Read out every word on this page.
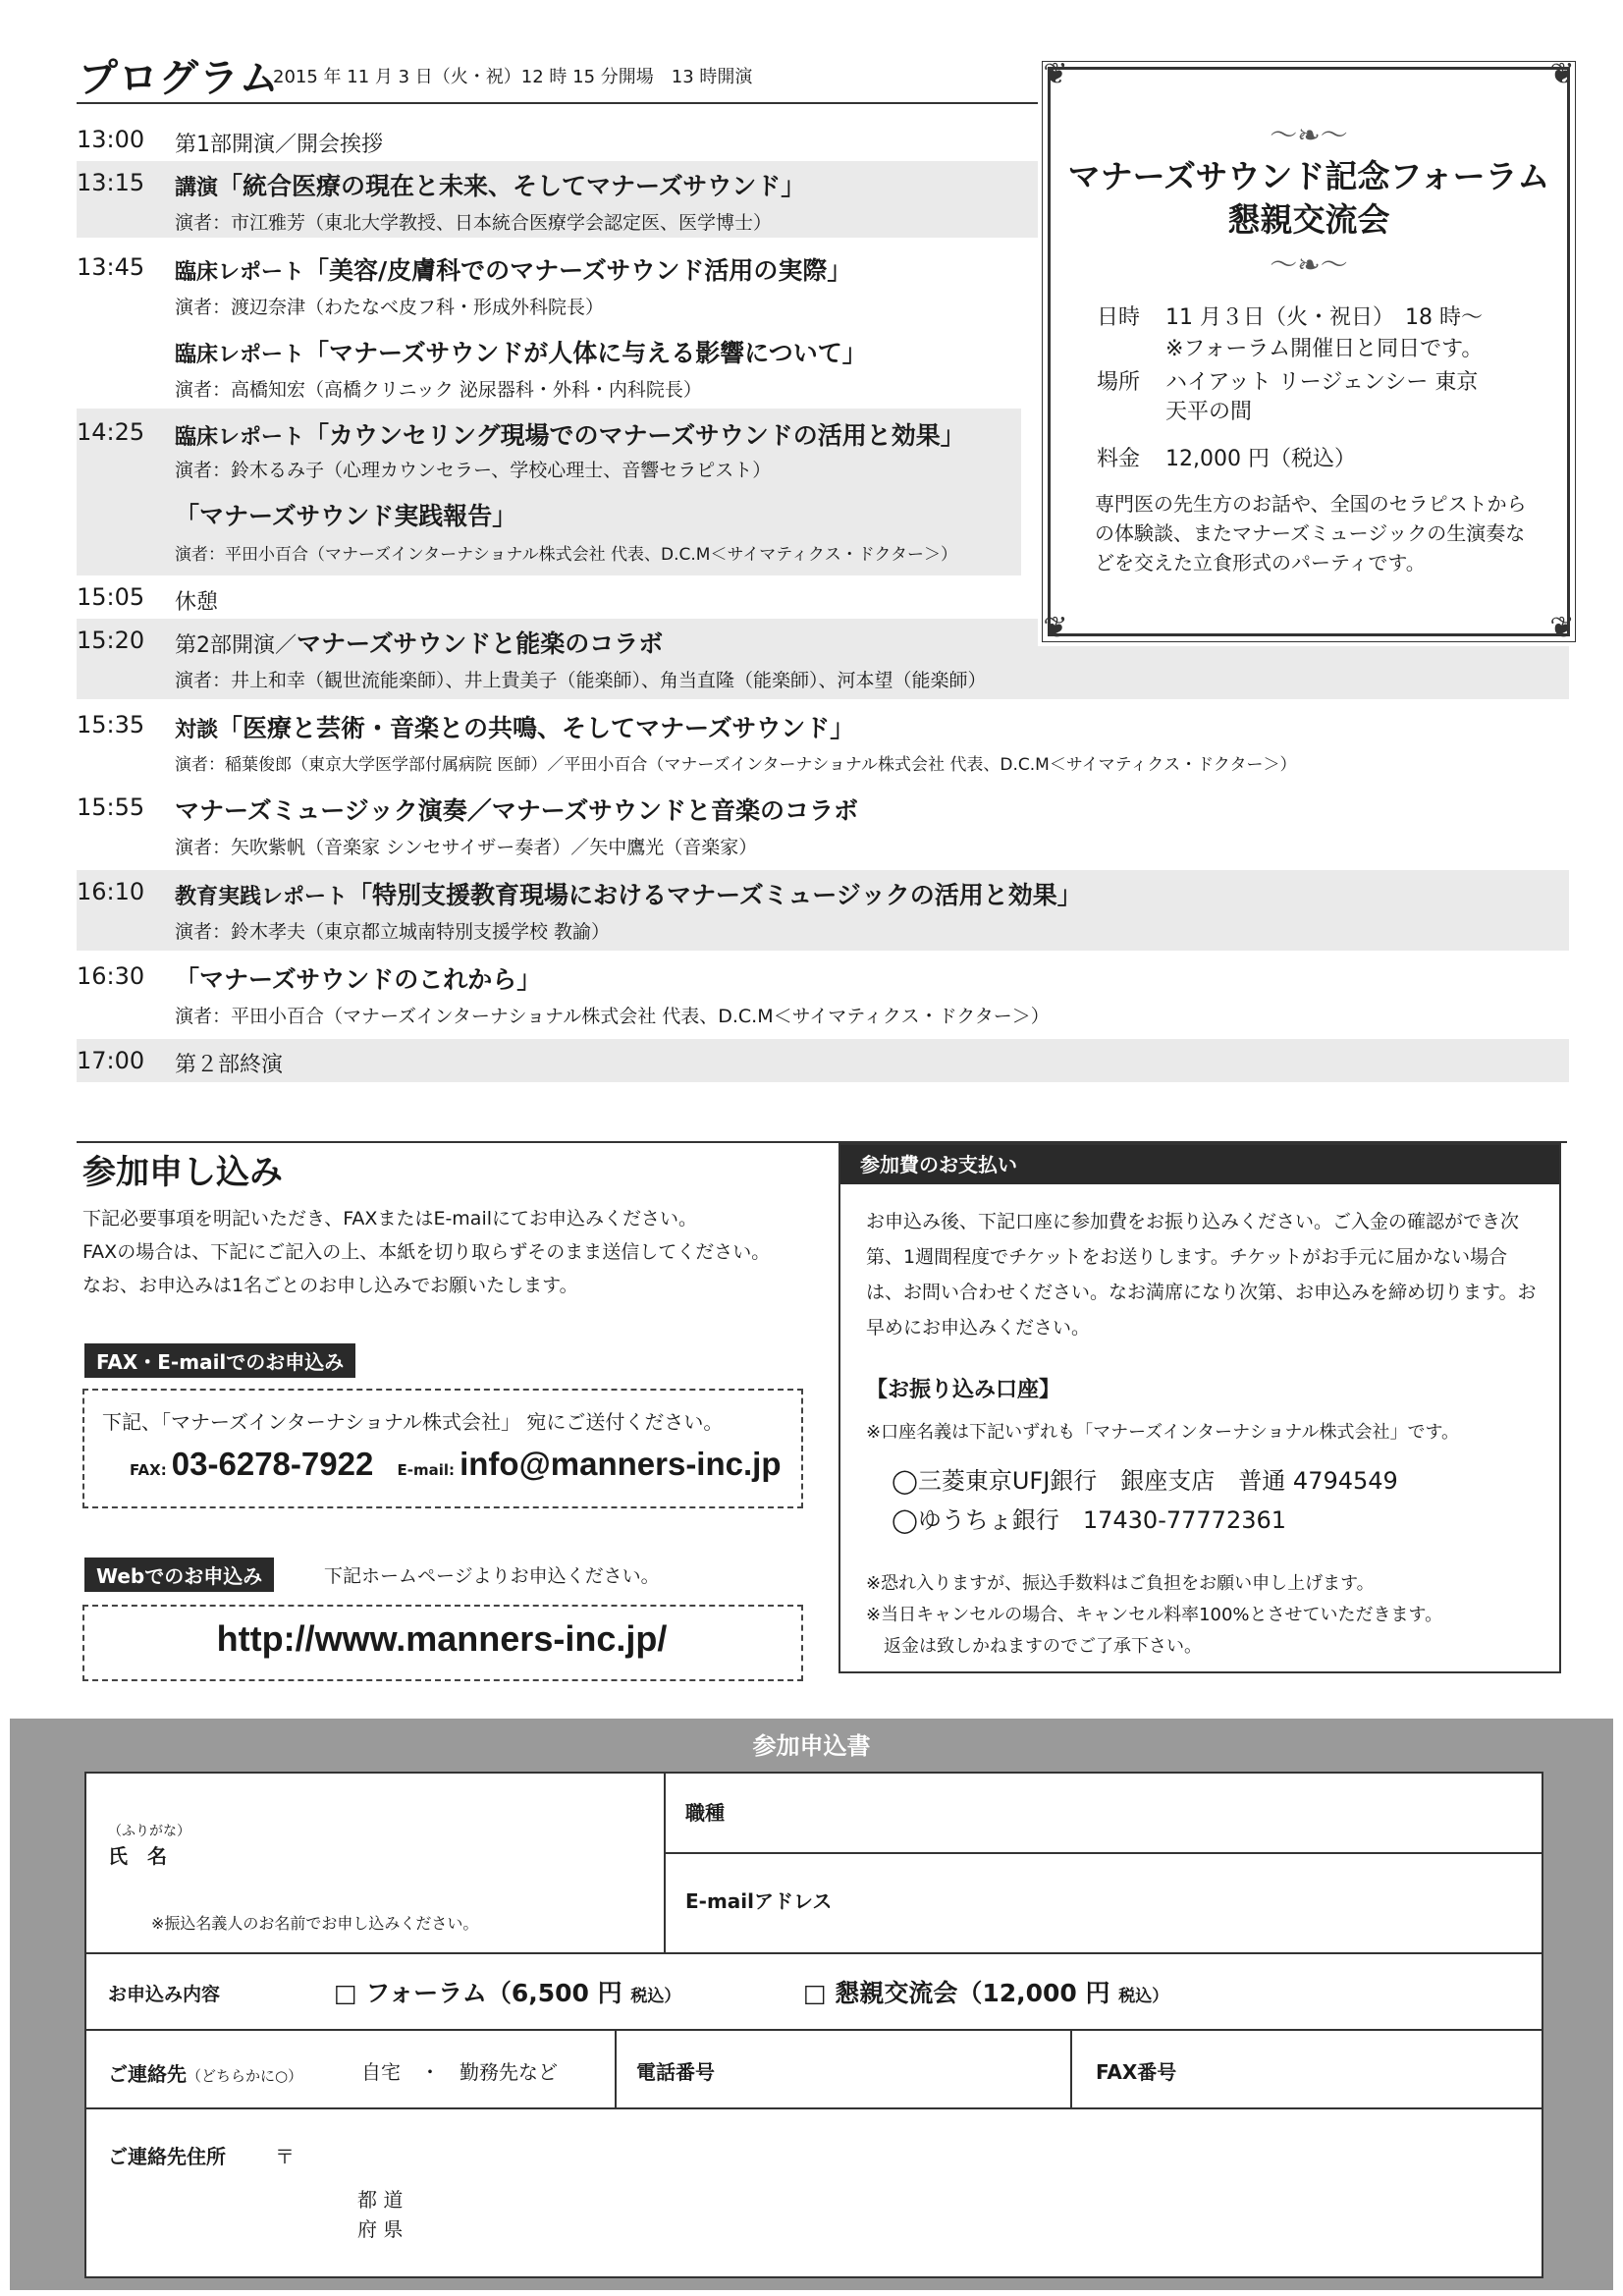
プログラム
2015 年 11 月 3 日（火・祝）12 時 15 分開場　13 時開演
13:00 第1部開演／開会挨拶
13:15 講演「統合医療の現在と未来、そしてマナーズサウンド」
演者：市江雅芳（東北大学教授、日本統合医療学会認定医、医学博士）
13:45 臨床レポート「美容/皮膚科でのマナーズサウンド活用の実際」
演者：渡辺奈津（わたなべ皮フ科・形成外科院長）
臨床レポート「マナーズサウンドが人体に与える影響について」
演者：高橋知宏（高橋クリニック 泌尿器科・外科・内科院長）
14:25 臨床レポート「カウンセリング現場でのマナーズサウンドの活用と効果」
演者：鈴木るみ子（心理カウンセラー、学校心理士、音響セラピスト）
「マナーズサウンド実践報告」
演者：平田小百合（マナーズインターナショナル株式会社 代表、D.C.M＜サイマティクス・ドクター＞）
15:05 休憩
15:20 第2部開演／マナーズサウンドと能楽のコラボ
演者：井上和幸（観世流能楽師）、井上貴美子（能楽師）、角当直隆（能楽師）、河本望（能楽師）
15:35 対談「医療と芸術・音楽との共鳴、そしてマナーズサウンド」
演者：稲葉俊郎（東京大学医学部付属病院 医師）／平田小百合（マナーズインターナショナル株式会社 代表、D.C.M＜サイマティクス・ドクター＞）
15:55 マナーズミュージック演奏／マナーズサウンドと音楽のコラボ
演者：矢吹紫帆（音楽家 シンセサイザー奏者）／矢中鷹光（音楽家）
16:10 教育実践レポート「特別支援教育現場におけるマナーズミュージックの活用と効果」
演者：鈴木孝夫（東京都立城南特別支援学校 教諭）
16:30 「マナーズサウンドのこれから」
演者：平田小百合（マナーズインターナショナル株式会社 代表、D.C.M＜サイマティクス・ドクター＞）
17:00 第２部終演
❦	❦
❦	❦
～❧～
マナーズサウンド記念フォーラム
懇親交流会
～❧～
日時 11 月３日（火・祝日）　18 時～
※フォーラム開催日と同日です。
場所 ハイアット リージェンシー 東京
天平の間
料金 12,000 円（税込）
専門医の先生方のお話や、全国のセラピストからの体験談、またマナーズミュージックの生演奏などを交えた立食形式のパーティです。
参加申し込み
下記必要事項を明記いただき、FAXまたはE-mailにてお申込みください。
FAXの場合は、下記にご記入の上、本紙を切り取らずそのまま送信してください。
なお、お申込みは1名ごとのお申し込みでお願いたします。
FAX・E-mailでのお申込み
下記、「マナーズインターナショナル株式会社」 宛にご送付ください。
FAX: 03-6278-7922 E-mail: info@manners-inc.jp
Webでのお申込み	下記ホームページよりお申込ください。
http://www.manners-inc.jp/
参加費のお支払い
お申込み後、下記口座に参加費をお振り込みください。ご入金の確認ができ次第、1週間程度でチケットをお送りします。チケットがお手元に届かない場合は、お問い合わせください。なお満席になり次第、お申込みを締め切ります。お早めにお申込みください。
【お振り込み口座】
※口座名義は下記いずれも「マナーズインターナショナル株式会社」です。
◯三菱東京UFJ銀行　銀座支店　普通 4794549
◯ゆうちょ銀行　17430-77772361
※恐れ入りますが、振込手数料はご負担をお願い申し上げます。
※当日キャンセルの場合、キャンセル料率100%とさせていただきます。
返金は致しかねますのでご了承下さい。
参加申込書
（ふりがな）
氏　名
※振込名義人のお名前でお申し込みください。
職種
E-mailアドレス
お申込み内容	□ フォーラム（6,500 円 税込）	□ 懇親交流会（12,000 円 税込）
ご連絡先（どちらかに○）	自宅　・　勤務先など	電話番号	FAX番号
ご連絡先住所	〒
都 道
府 県
